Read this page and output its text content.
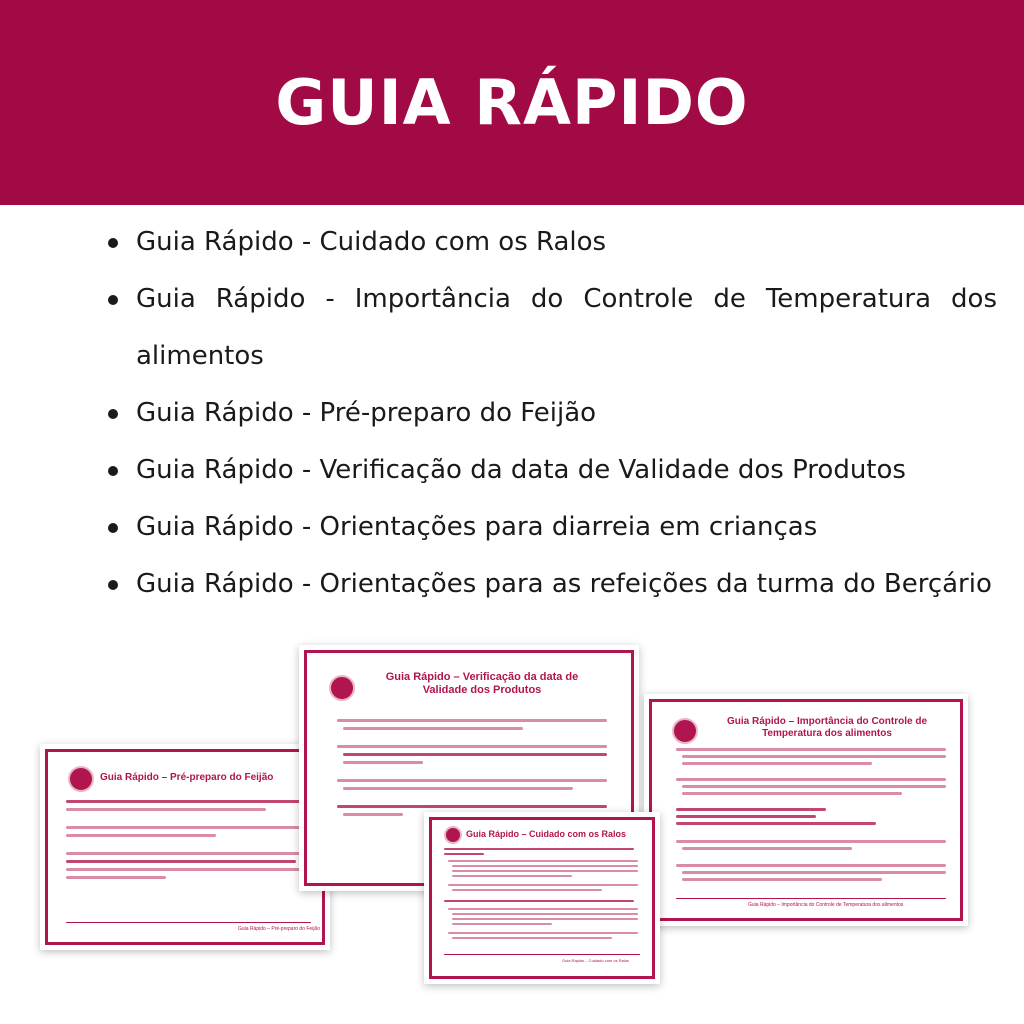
GUIA RÁPIDO
Guia Rápido - Cuidado com os Ralos
Guia Rápido - Importância do Controle de Temperatura dos alimentos
Guia Rápido - Pré-preparo do Feijão
Guia Rápido - Verificação da data de Validade dos Produtos
Guia Rápido - Orientações para diarreia em crianças
Guia Rápido - Orientações para as refeições da turma do Berçário
Guia Rápido – Pré-preparo do Feijão
Guia Rápido – Pré-preparo do Feijão
Guia Rápido – Verificação da data de Validade dos Produtos
Guia Rápido – Importância do Controle de Temperatura dos alimentos
Guia Rápido – Importância do Controle de Temperatura dos alimentos
Guia Rápido – Cuidado com os Ralos
Guia Rápido – Cuidado com os Ralos
